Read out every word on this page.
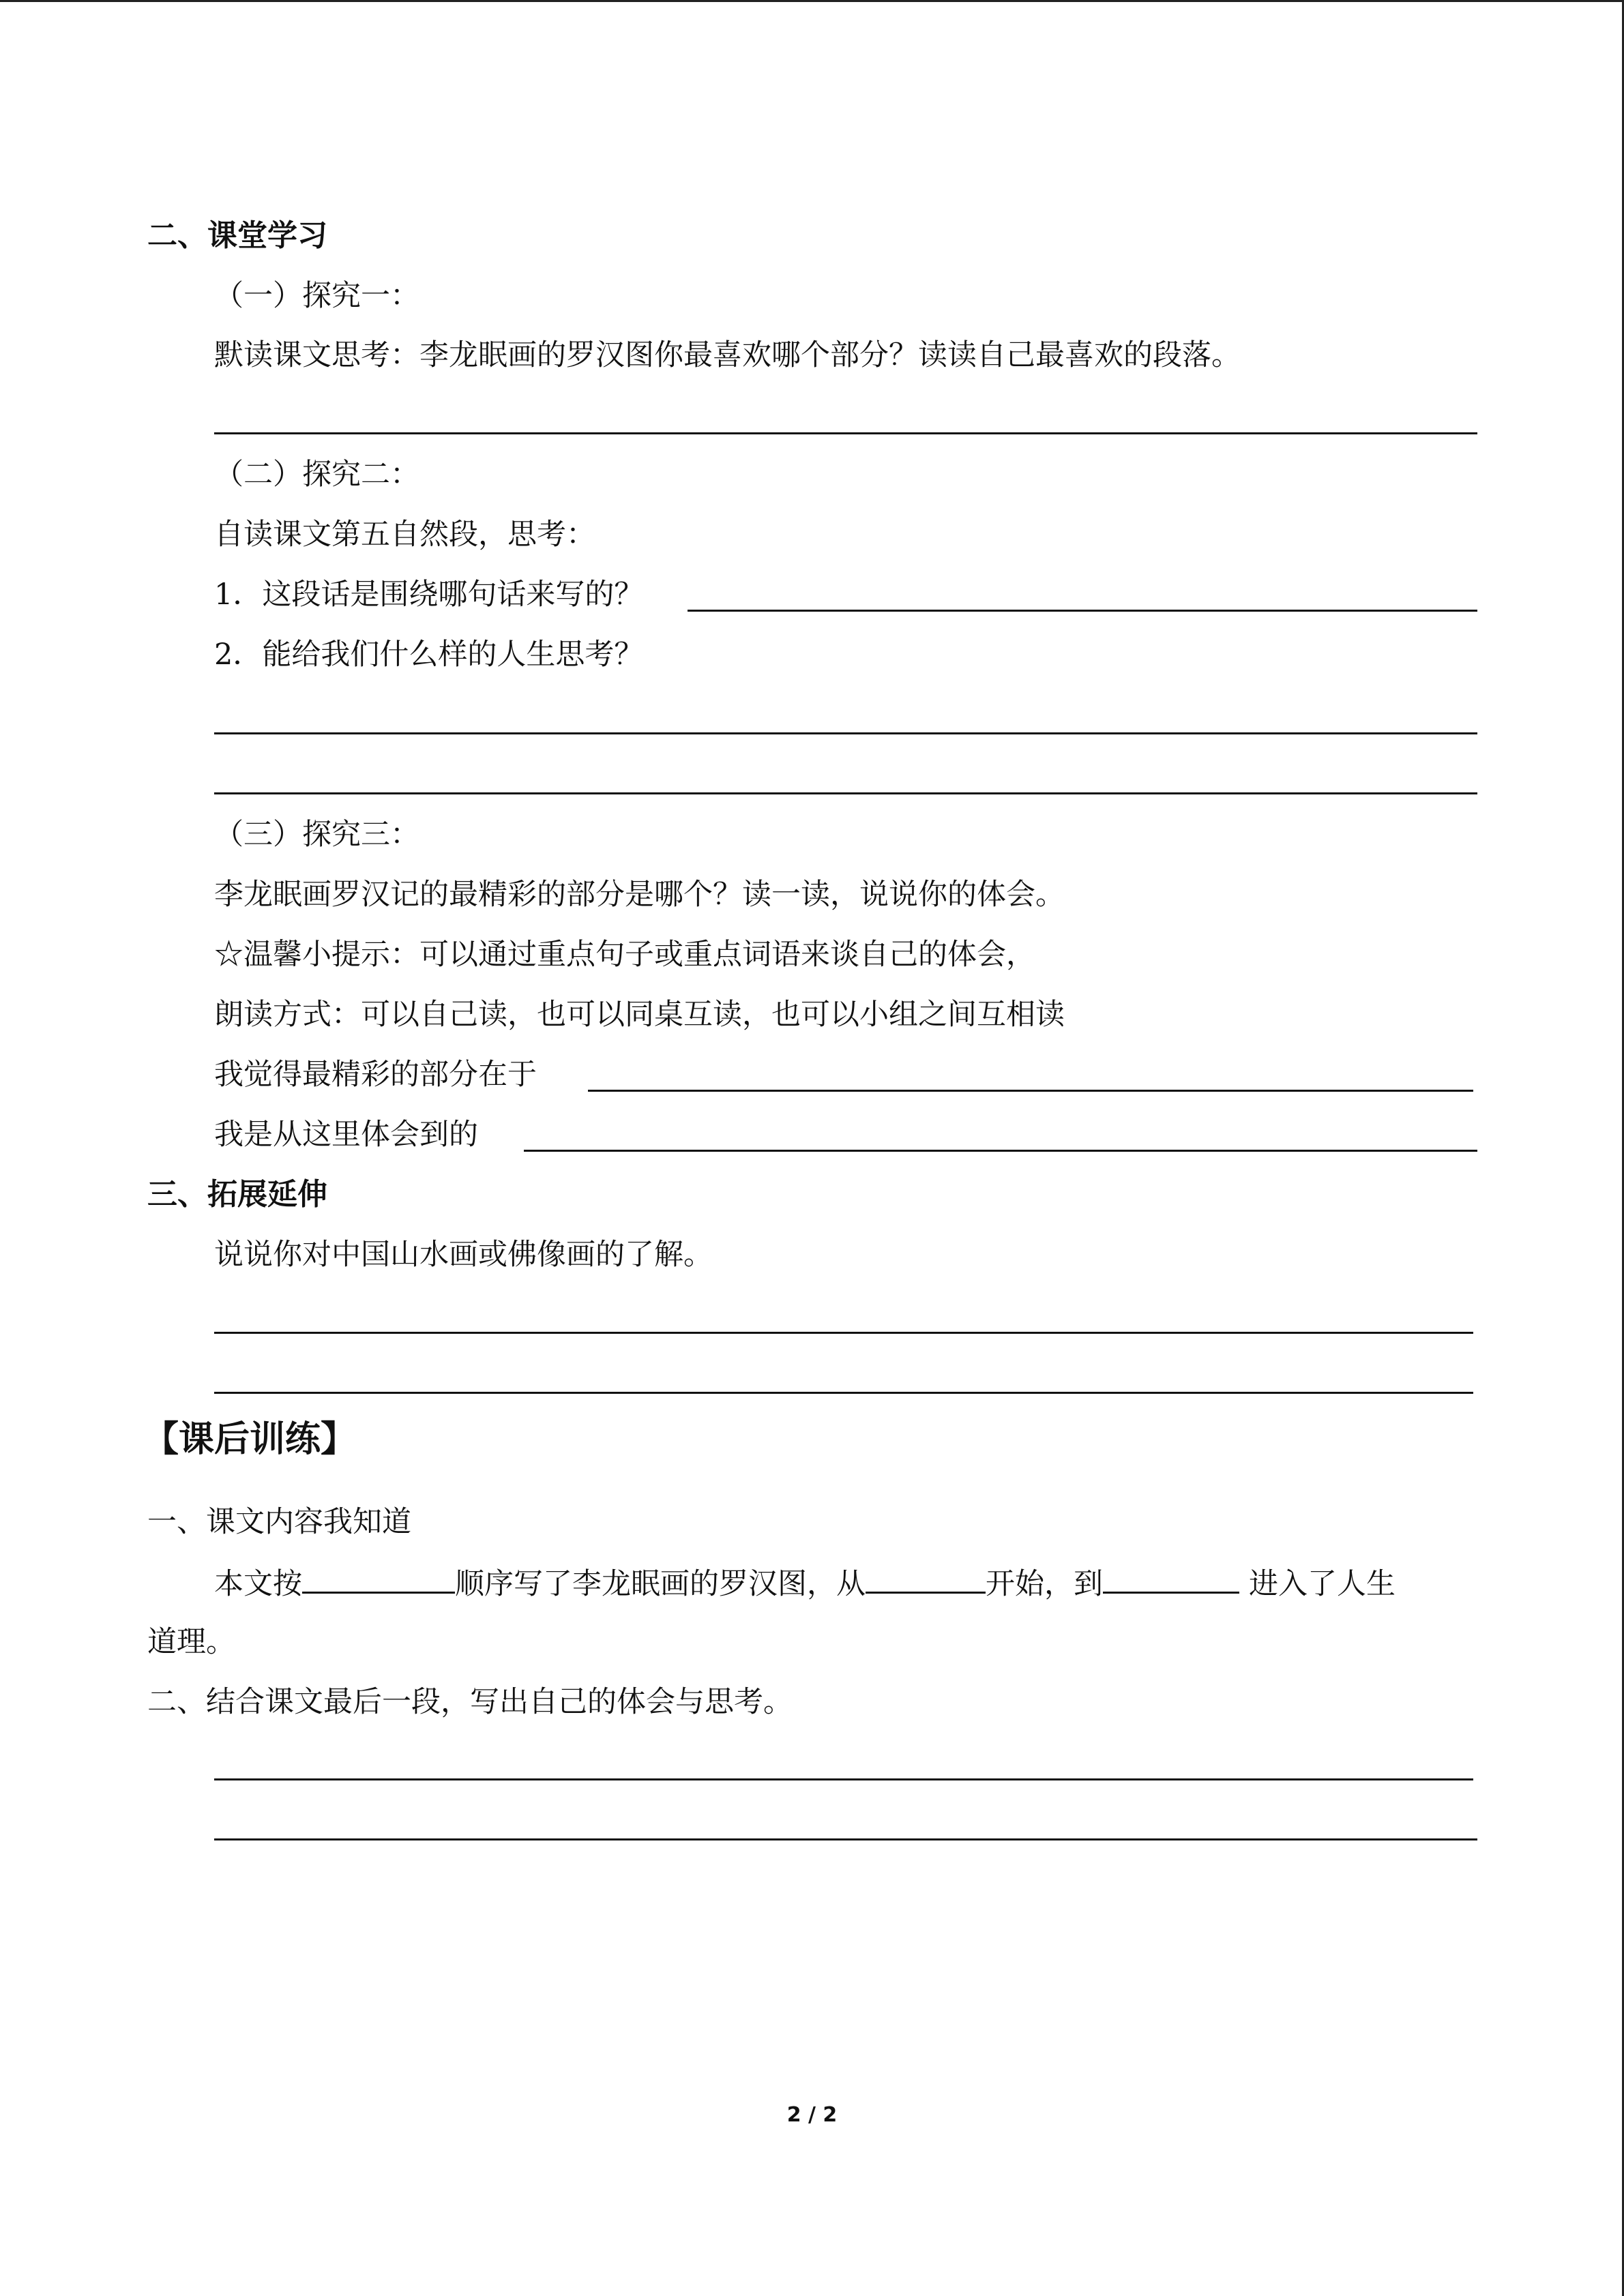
二、课堂学习
（一）探究一：
默读课文思考：李龙眠画的罗汉图你最喜欢哪个部分？读读自己最喜欢的段落。
（二）探究二：
自读课文第五自然段，思考：
1．这段话是围绕哪句话来写的？
2．能给我们什么样的人生思考？
（三）探究三：
李龙眠画罗汉记的最精彩的部分是哪个？读一读，说说你的体会。
☆温馨小提示：可以通过重点句子或重点词语来谈自己的体会，
朗读方式：可以自己读，也可以同桌互读，也可以小组之间互相读
我觉得最精彩的部分在于
我是从这里体会到的
三、拓展延伸
说说你对中国山水画或佛像画的了解。
【课后训练】
一、课文内容我知道
本文按	顺序写了李龙眠画的罗汉图，从	开始，到	进入了人生
道理。
二、结合课文最后一段，写出自己的体会与思考。
2 / 2
